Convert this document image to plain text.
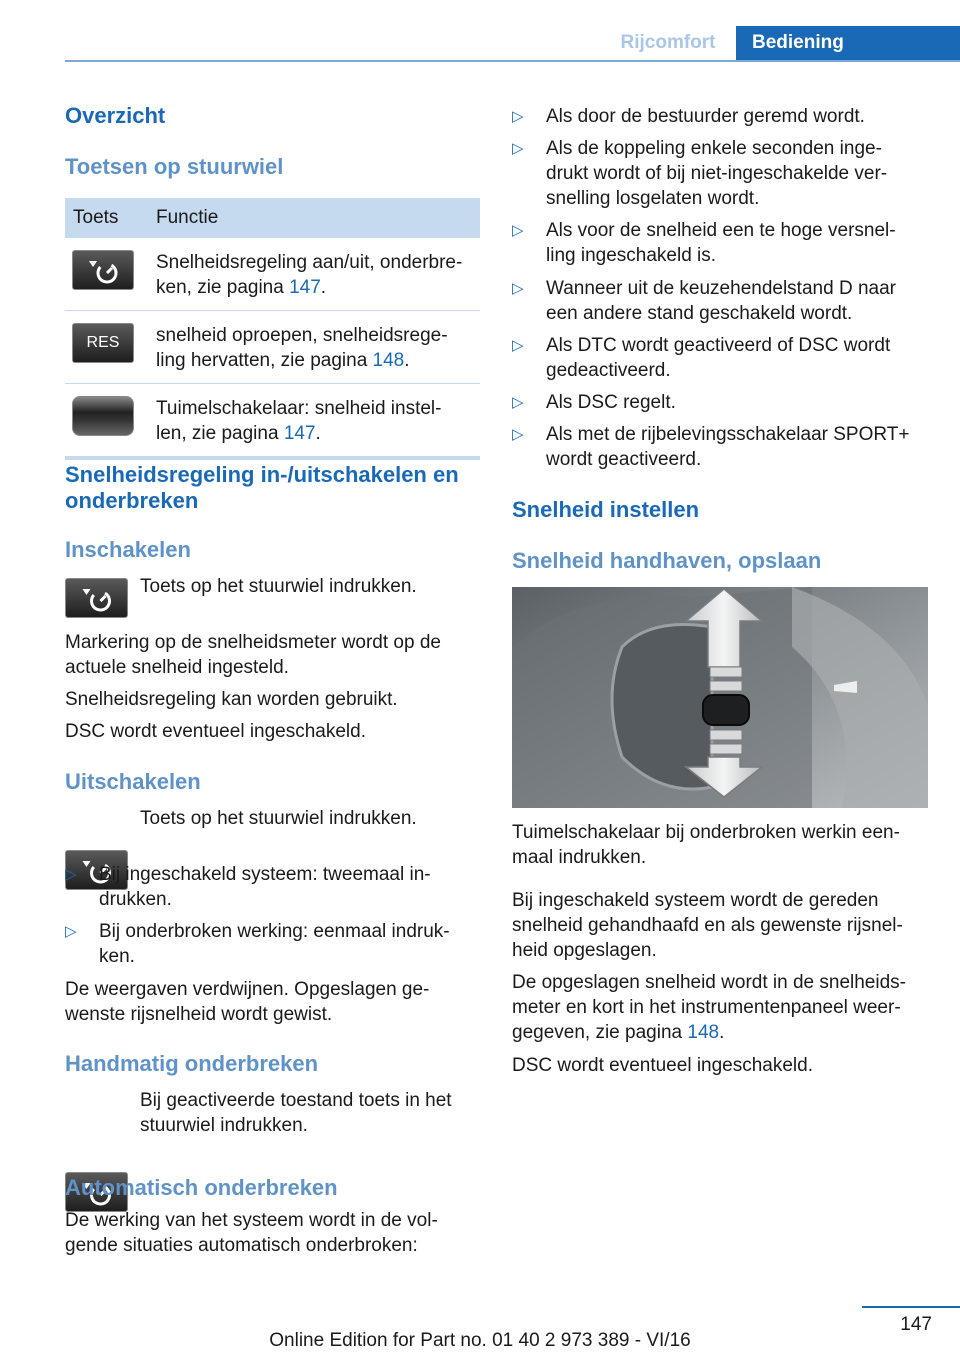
Rijcomfort	Bediening
Overzicht
Toetsen op stuurwiel
Toets	Functie

	Snelheidsregeling aan/uit, onderbre-
ken, zie pagina 147.

RES	snelheid oproepen, snelheidsrege-
ling hervatten, zie pagina 148.

	Tuimelschakelaar: snelheid instel-
len, zie pagina 147.
Snelheidsregeling in-/uitschakelen en
onderbreken
Inschakelen

Toets op het stuurwiel indrukken.

Markering op de snelheidsmeter wordt op de
actuele snelheid ingesteld.

Snelheidsregeling kan worden gebruikt.

DSC wordt eventueel ingeschakeld.

Uitschakelen

Toets op het stuurwiel indrukken.

▷ Bij ingeschakeld systeem: tweemaal in-
drukken.
▷ Bij onderbroken werking: eenmaal indruk-
ken.

De weergaven verdwijnen. Opgeslagen ge-
wenste rijsnelheid wordt gewist.

Handmatig onderbreken

Bij geactiveerde toestand toets in het
stuurwiel indrukken.

Automatisch onderbreken

De werking van het systeem wordt in de vol-
gende situaties automatisch onderbroken:

▷ Als door de bestuurder geremd wordt.
▷ Als de koppeling enkele seconden inge-
drukt wordt of bij niet-ingeschakelde ver-
snelling losgelaten wordt.
▷ Als voor de snelheid een te hoge versnel-
ling ingeschakeld is.
▷ Wanneer uit de keuzehendelstand D naar
een andere stand geschakeld wordt.
▷ Als DTC wordt geactiveerd of DSC wordt
gedeactiveerd.
▷ Als DSC regelt.
▷ Als met de rijbelevingsschakelaar SPORT+
wordt geactiveerd.
Snelheid instellen
Snelheid handhaven, opslaan

Tuimelschakelaar bij onderbroken werkin een-
maal indrukken.

Bij ingeschakeld systeem wordt de gereden
snelheid gehandhaafd en als gewenste rijsnel-
heid opgeslagen.

De opgeslagen snelheid wordt in de snelheids-
meter en kort in het instrumentenpaneel weer-
gegeven, zie pagina 148.

DSC wordt eventueel ingeschakeld.

147
Online Edition for Part no. 01 40 2 973 389 - VI/16
